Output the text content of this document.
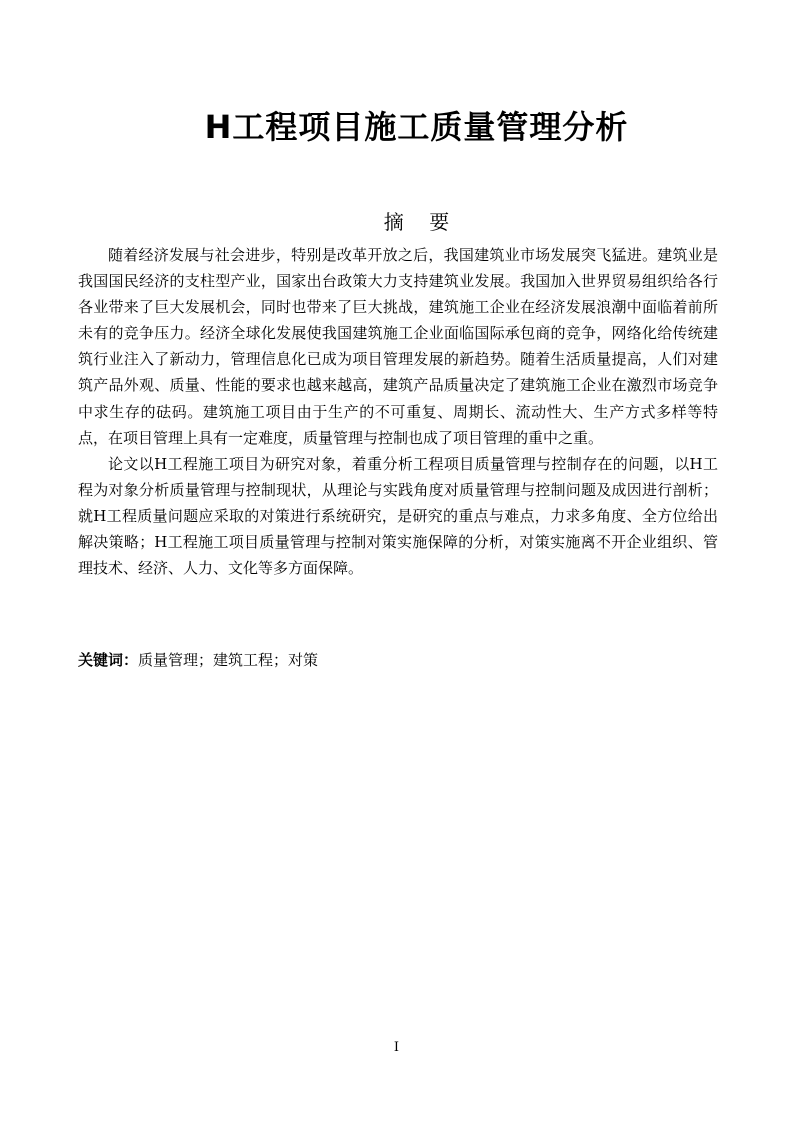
H工程项目施工质量管理分析
摘    要

随着经济发展与社会进步，特别是改革开放之后，我国建筑业市场发展突飞猛进。建筑业是我国国民经济的支柱型产业，国家出台政策大力支持建筑业发展。我国加入世界贸易组织给各行各业带来了巨大发展机会，同时也带来了巨大挑战，建筑施工企业在经济发展浪潮中面临着前所未有的竞争压力。经济全球化发展使我国建筑施工企业面临国际承包商的竞争，网络化给传统建筑行业注入了新动力，管理信息化已成为项目管理发展的新趋势。随着生活质量提高，人们对建筑产品外观、质量、性能的要求也越来越高，建筑产品质量决定了建筑施工企业在激烈市场竞争中求生存的砝码。建筑施工项目由于生产的不可重复、周期长、流动性大、生产方式多样等特点，在项目管理上具有一定难度，质量管理与控制也成了项目管理的重中之重。

论文以H工程施工项目为研究对象，着重分析工程项目质量管理与控制存在的问题，以H工程为对象分析质量管理与控制现状，从理论与实践角度对质量管理与控制问题及成因进行剖析；就H工程质量问题应采取的对策进行系统研究，是研究的重点与难点，力求多角度、全方位给出解决策略；H工程施工项目质量管理与控制对策实施保障的分析，对策实施离不开企业组织、管理技术、经济、人力、文化等多方面保障。

关键词：质量管理；建筑工程；对策
I
